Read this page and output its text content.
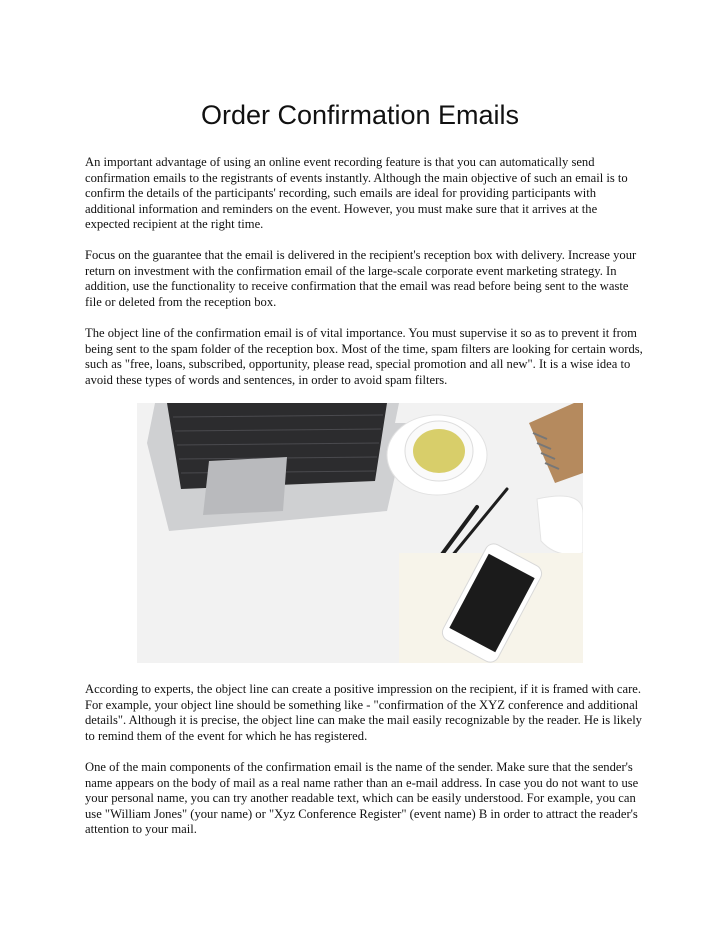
Order Confirmation Emails

An important advantage of using an online event recording feature is that you can automatically send confirmation emails to the registrants of events instantly. Although the main objective of such an email is to confirm the details of the participants' recording, such emails are ideal for providing participants with additional information and reminders on the event. However, you must make sure that it arrives at the expected recipient at the right time.

Focus on the guarantee that the email is delivered in the recipient's reception box with delivery. Increase your return on investment with the confirmation email of the large-scale corporate event marketing strategy. In addition, use the functionality to receive confirmation that the email was read before being sent to the waste file or deleted from the reception box.

The object line of the confirmation email is of vital importance. You must supervise it so as to prevent it from being sent to the spam folder of the reception box. Most of the time, spam filters are looking for certain words, such as "free, loans, subscribed, opportunity, please read, special promotion and all new". It is a wise idea to avoid these types of words and sentences, in order to avoid spam filters.

According to experts, the object line can create a positive impression on the recipient, if it is framed with care. For example, your object line should be something like - "confirmation of the XYZ conference and additional details". Although it is precise, the object line can make the mail easily recognizable by the reader. He is likely to remind them of the event for which he has registered.

One of the main components of the confirmation email is the name of the sender. Make sure that the sender's name appears on the body of mail as a real name rather than an e-mail address. In case you do not want to use your personal name, you can try another readable text, which can be easily understood. For example, you can use "William Jones" (your name) or "Xyz Conference Register" (event name) B in order to attract the reader's attention to your mail.
